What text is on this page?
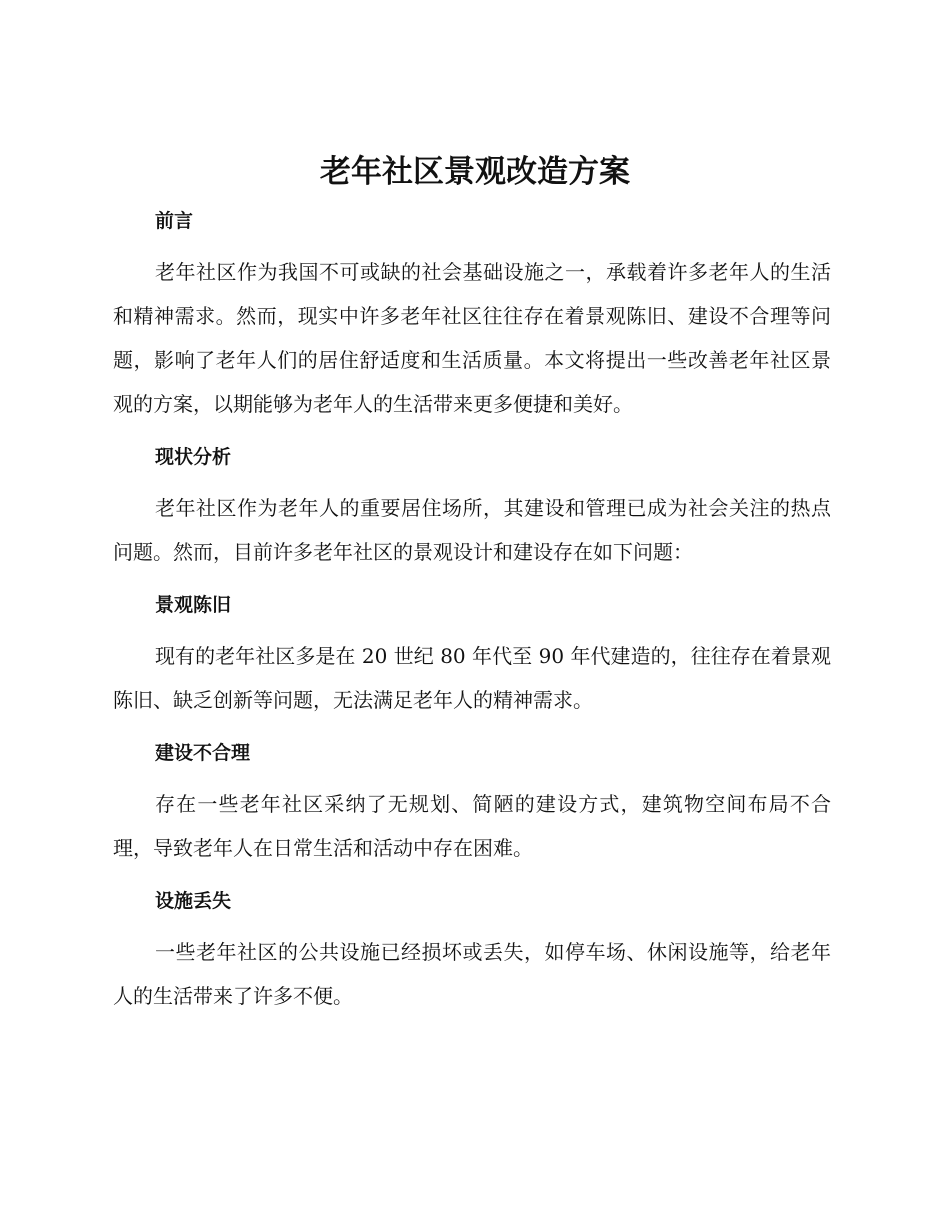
老年社区景观改造方案
前言

老年社区作为我国不可或缺的社会基础设施之一，承载着许多老年人的生活和精神需求。然而，现实中许多老年社区往往存在着景观陈旧、建设不合理等问题，影响了老年人们的居住舒适度和生活质量。本文将提出一些改善老年社区景观的方案，以期能够为老年人的生活带来更多便捷和美好。

现状分析

老年社区作为老年人的重要居住场所，其建设和管理已成为社会关注的热点问题。然而，目前许多老年社区的景观设计和建设存在如下问题：

景观陈旧

现有的老年社区多是在 20 世纪 80 年代至 90 年代建造的，往往存在着景观陈旧、缺乏创新等问题，无法满足老年人的精神需求。

建设不合理

存在一些老年社区采纳了无规划、简陋的建设方式，建筑物空间布局不合理，导致老年人在日常生活和活动中存在困难。

设施丢失

一些老年社区的公共设施已经损坏或丢失，如停车场、休闲设施等，给老年人的生活带来了许多不便。
